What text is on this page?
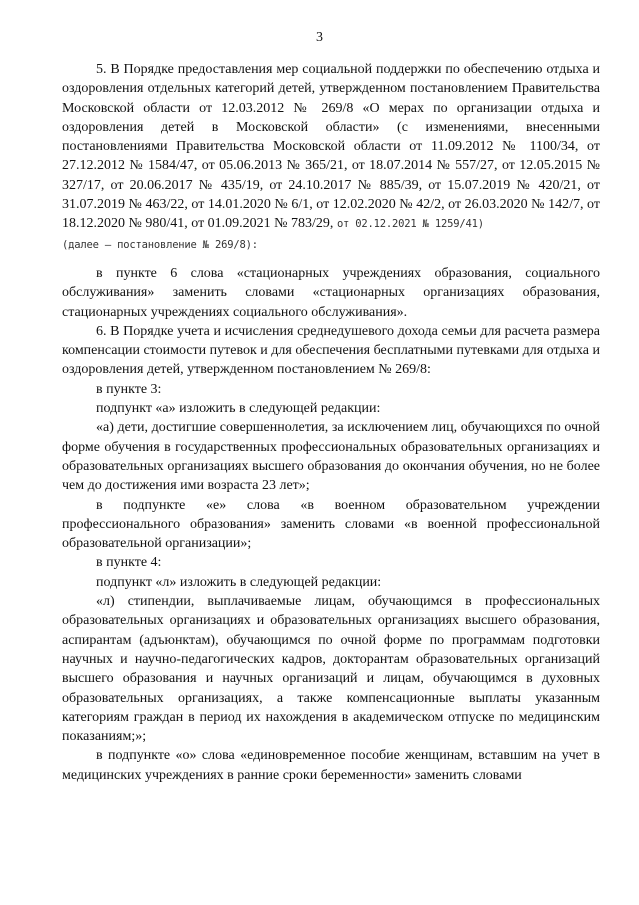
3

5. В Порядке предоставления мер социальной поддержки по обеспечению отдыха и оздоровления отдельных категорий детей, утвержденном постановлением Правительства Московской области от 12.03.2012 № 269/8 «О мерах по организации отдыха и оздоровления детей в Московской области» (с изменениями, внесенными постановлениями Правительства Московской области от 11.09.2012 № 1100/34, от 27.12.2012 № 1584/47, от 05.06.2013 № 365/21, от 18.07.2014 № 557/27, от 12.05.2015 № 327/17, от 20.06.2017 № 435/19, от 24.10.2017 № 885/39, от 15.07.2019 № 420/21, от 31.07.2019 № 463/22, от 14.01.2020 № 6/1, от 12.02.2020 № 42/2, от 26.03.2020 № 142/7, от 18.12.2020 № 980/41, от 01.09.2021 № 783/29, от 02.12.2021 № 1259/41)
(далее – постановление № 269/8):

в пункте 6 слова «стационарных учреждениях образования, социального обслуживания» заменить словами «стационарных организациях образования, стационарных учреждениях социального обслуживания».

6. В Порядке учета и исчисления среднедушевого дохода семьи для расчета размера компенсации стоимости путевок и для обеспечения бесплатными путевками для отдыха и оздоровления детей, утвержденном постановлением № 269/8:

в пункте 3:

подпункт «а» изложить в следующей редакции:

«а) дети, достигшие совершеннолетия, за исключением лиц, обучающихся по очной форме обучения в государственных профессиональных образовательных организациях и образовательных организациях высшего образования до окончания обучения, но не более чем до достижения ими возраста 23 лет»;

в подпункте «е» слова «в военном образовательном учреждении профессионального образования» заменить словами «в военной профессиональной образовательной организации»;

в пункте 4:

подпункт «л» изложить в следующей редакции:

«л) стипендии, выплачиваемые лицам, обучающимся в профессиональных образовательных организациях и образовательных организациях высшего образования, аспирантам (адъюнктам), обучающимся по очной форме по программам подготовки научных и научно-педагогических кадров, докторантам образовательных организаций высшего образования и научных организаций и лицам, обучающимся в духовных образовательных организациях, а также компенсационные выплаты указанным категориям граждан в период их нахождения в академическом отпуске по медицинским показаниям;»;

в подпункте «о» слова «единовременное пособие женщинам, вставшим на учет в медицинских учреждениях в ранние сроки беременности» заменить словами
